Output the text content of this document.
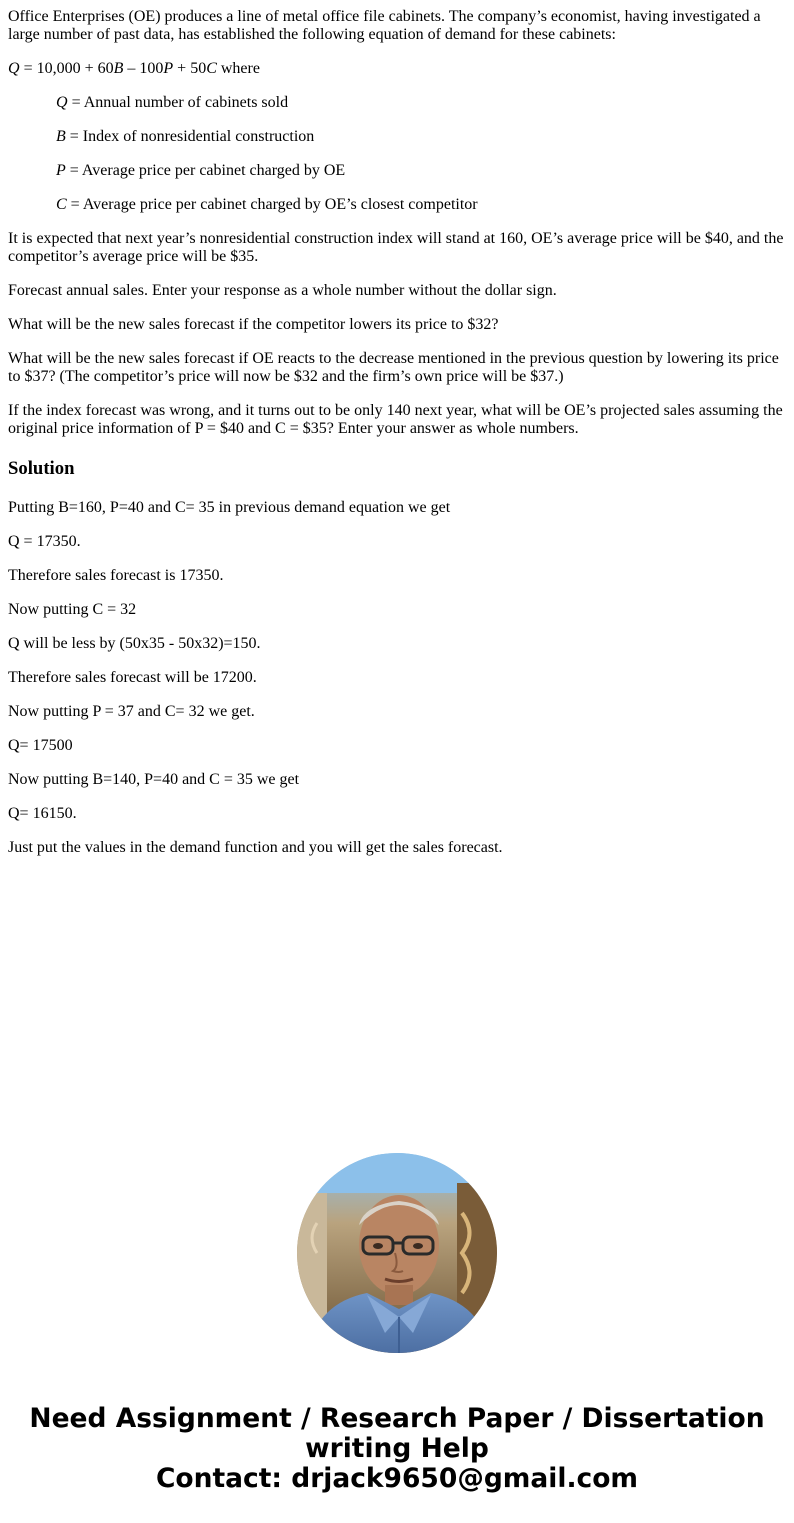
Office Enterprises (OE) produces a line of metal office file cabinets. The company’s economist, having investigated a large number of past data, has established the following equation of demand for these cabinets:

Q = 10,000 + 60B – 100P + 50C where

Q = Annual number of cabinets sold

B = Index of nonresidential construction

P = Average price per cabinet charged by OE

C = Average price per cabinet charged by OE’s closest competitor

It is expected that next year’s nonresidential construction index will stand at 160, OE’s average price will be $40, and the competitor’s average price will be $35.

Forecast annual sales. Enter your response as a whole number without the dollar sign.

What will be the new sales forecast if the competitor lowers its price to $32?

What will be the new sales forecast if OE reacts to the decrease mentioned in the previous question by lowering its price to $37? (The competitor’s price will now be $32 and the firm’s own price will be $37.)

If the index forecast was wrong, and it turns out to be only 140 next year, what will be OE’s projected sales assuming the original price information of P = $40 and C = $35? Enter your answer as whole numbers.

Solution

Putting B=160, P=40 and C= 35 in previous demand equation we get

Q = 17350.

Therefore sales forecast is 17350.

Now putting C = 32

Q will be less by (50x35 - 50x32)=150.

Therefore sales forecast will be 17200.

Now putting P = 37 and C= 32 we get.

Q= 17500

Now putting B=140, P=40 and C = 35 we get

Q= 16150.

Just put the values in the demand function and you will get the sales forecast.

Need Assignment / Research Paper / Dissertation
writing Help
Contact: drjack9650@gmail.com
